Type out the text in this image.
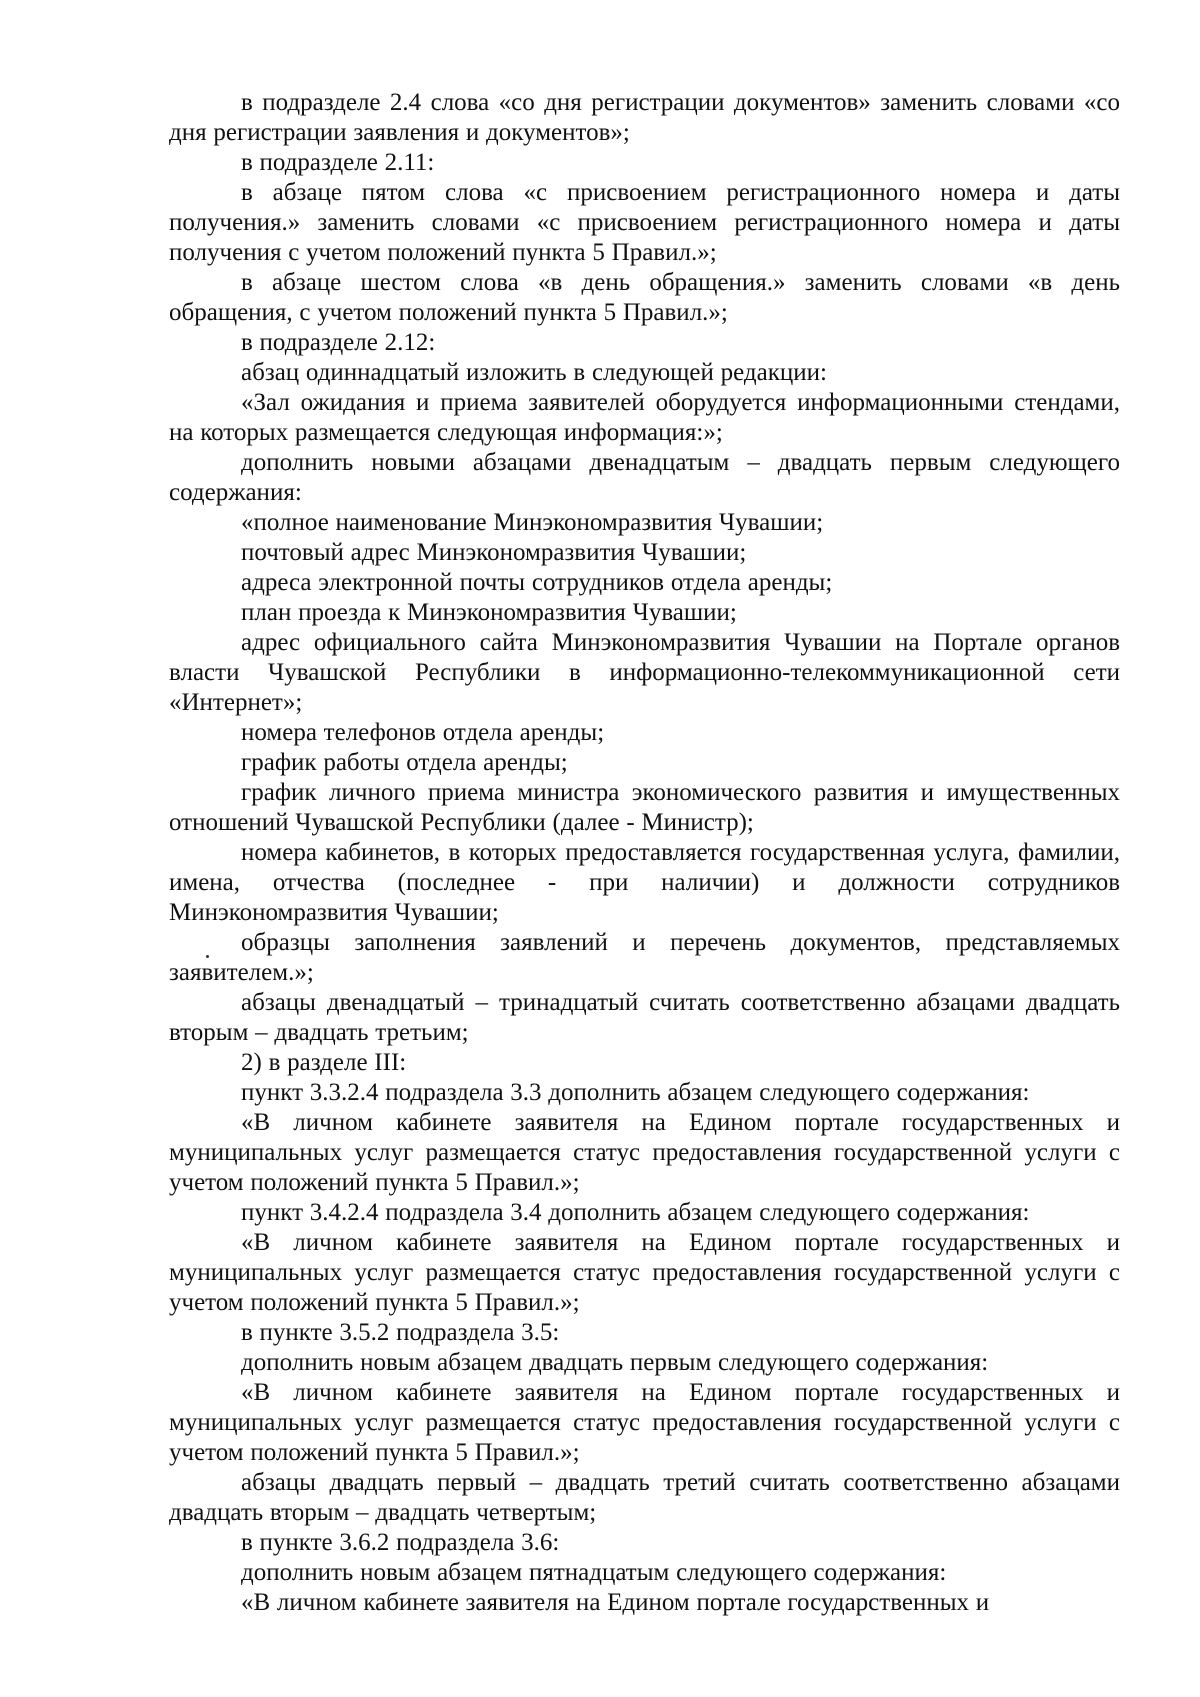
в подразделе 2.4 слова «со дня регистрации документов» заменить словами «со дня регистрации заявления и документов»;

в подразделе 2.11:

в абзаце пятом слова «с присвоением регистрационного номера и даты получения.» заменить словами «с присвоением регистрационного номера и даты получения с учетом положений пункта 5 Правил.»;

в абзаце шестом слова «в день обращения.» заменить словами «в день обращения, с учетом положений пункта 5 Правил.»;

в подразделе 2.12:

абзац одиннадцатый изложить в следующей редакции:

«Зал ожидания и приема заявителей оборудуется информационными стендами, на которых размещается следующая информация:»;

дополнить новыми абзацами двенадцатым – двадцать первым следующего содержания:

«полное наименование Минэкономразвития Чувашии;

почтовый адрес Минэкономразвития Чувашии;

адреса электронной почты сотрудников отдела аренды;

план проезда к Минэкономразвития Чувашии;

адрес официального сайта Минэкономразвития Чувашии на Портале органов власти Чувашской Республики в информационно-телекоммуникационной сети «Интернет»;

номера телефонов отдела аренды;

график работы отдела аренды;

график личного приема министра экономического развития и имущественных отношений Чувашской Республики (далее - Министр);

номера кабинетов, в которых предоставляется государственная услуга, фамилии, имена, отчества (последнее - при наличии) и должности сотрудников Минэкономразвития Чувашии;

образцы заполнения заявлений и перечень документов, представляемых заявителем.»;

абзацы двенадцатый – тринадцатый считать соответственно абзацами двадцать вторым – двадцать третьим;

2) в разделе III:

пункт 3.3.2.4 подраздела 3.3 дополнить абзацем следующего содержания:

«В личном кабинете заявителя на Едином портале государственных и муниципальных услуг размещается статус предоставления государственной услуги с учетом положений пункта 5 Правил.»;

пункт 3.4.2.4 подраздела 3.4 дополнить абзацем следующего содержания:

«В личном кабинете заявителя на Едином портале государственных и муниципальных услуг размещается статус предоставления государственной услуги с учетом положений пункта 5 Правил.»;

в пункте 3.5.2 подраздела 3.5:

дополнить новым абзацем двадцать первым следующего содержания:

«В личном кабинете заявителя на Едином портале государственных и муниципальных услуг размещается статус предоставления государственной услуги с учетом положений пункта 5 Правил.»;

абзацы двадцать первый – двадцать третий считать соответственно абзацами двадцать вторым – двадцать четвертым;

в пункте 3.6.2 подраздела 3.6:

дополнить новым абзацем пятнадцатым следующего содержания:

«В личном кабинете заявителя на Едином портале государственных и
